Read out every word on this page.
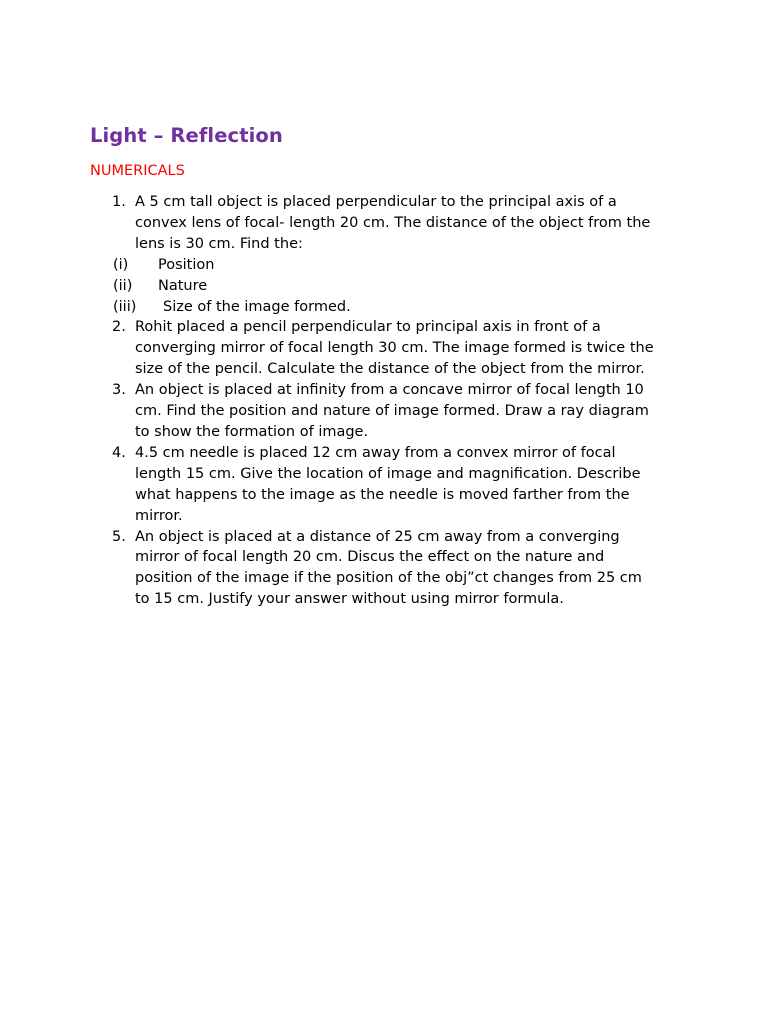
Light – Reflection
NUMERICALS
1. A 5 cm tall object is placed perpendicular to the principal axis of a
convex lens of focal- length 20 cm. The distance of the object from the
lens is 30 cm. Find the:
(i) Position
(ii) Nature
(iii) Size of the image formed.
2. Rohit placed a pencil perpendicular to principal axis in front of a
converging mirror of focal length 30 cm. The image formed is twice the
size of the pencil. Calculate the distance of the object from the mirror.
3. An object is placed at infinity from a concave mirror of focal length 10
cm. Find the position and nature of image formed. Draw a ray diagram
to show the formation of image.
4. 4.5 cm needle is placed 12 cm away from a convex mirror of focal
length 15 cm. Give the location of image and magnification. Describe
what happens to the image as the needle is moved farther from the
mirror.
5. An object is placed at a distance of 25 cm away from a converging
mirror of focal length 20 cm. Discus the effect on the nature and
position of the image if the position of the obj”ct changes from 25 cm
to 15 cm. Justify your answer without using mirror formula.
